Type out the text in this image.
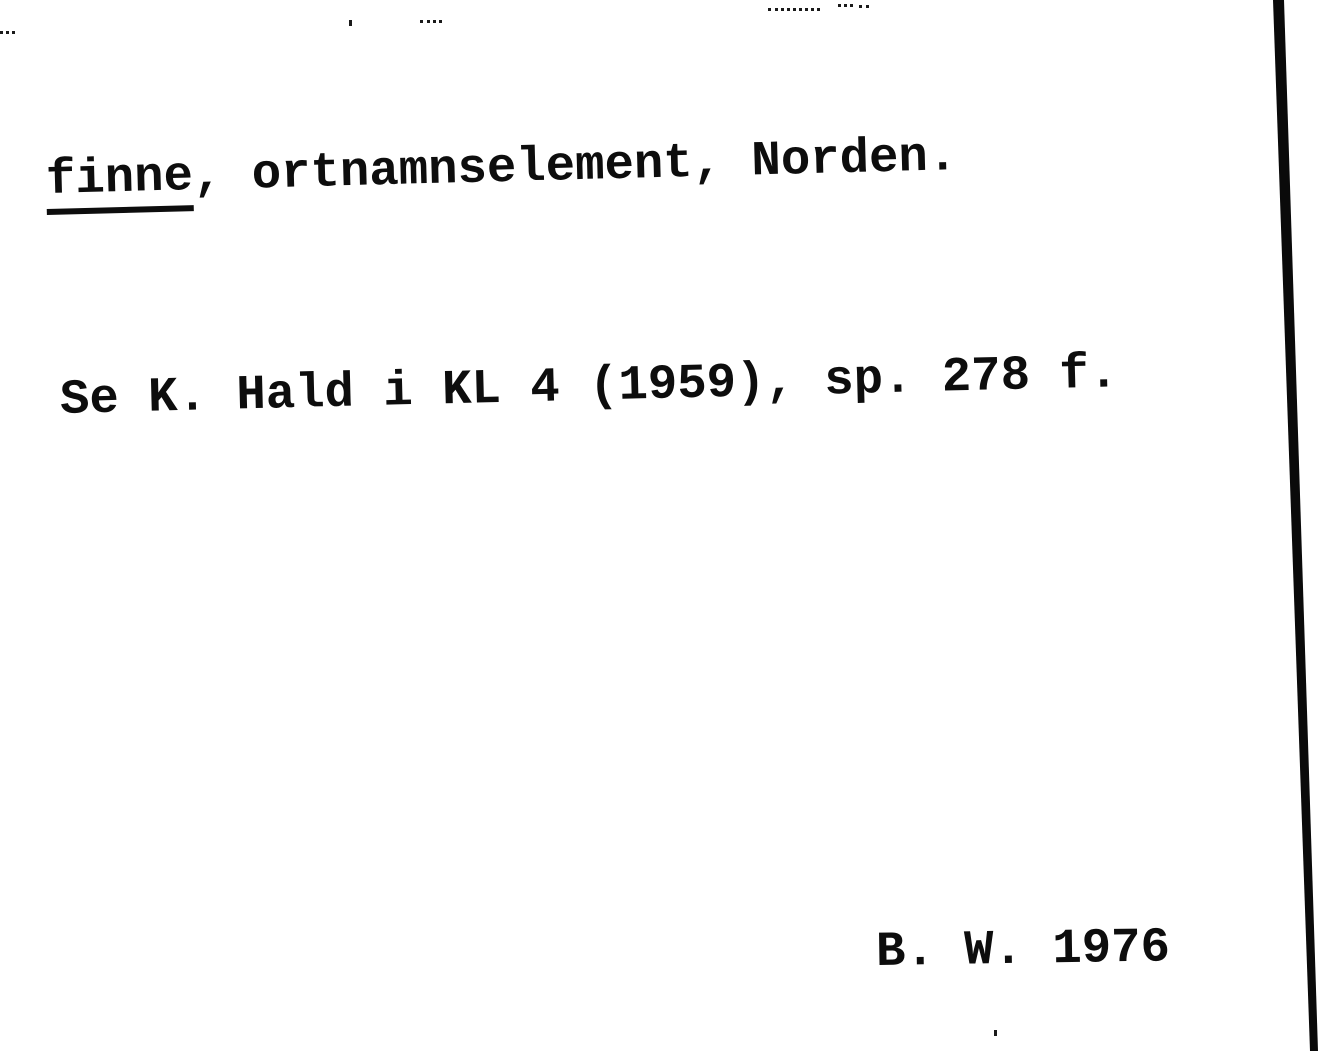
finne, ortnamnselement, Norden.
Se K. Hald i KL 4 (1959), sp. 278 f.
B. W. 1976
